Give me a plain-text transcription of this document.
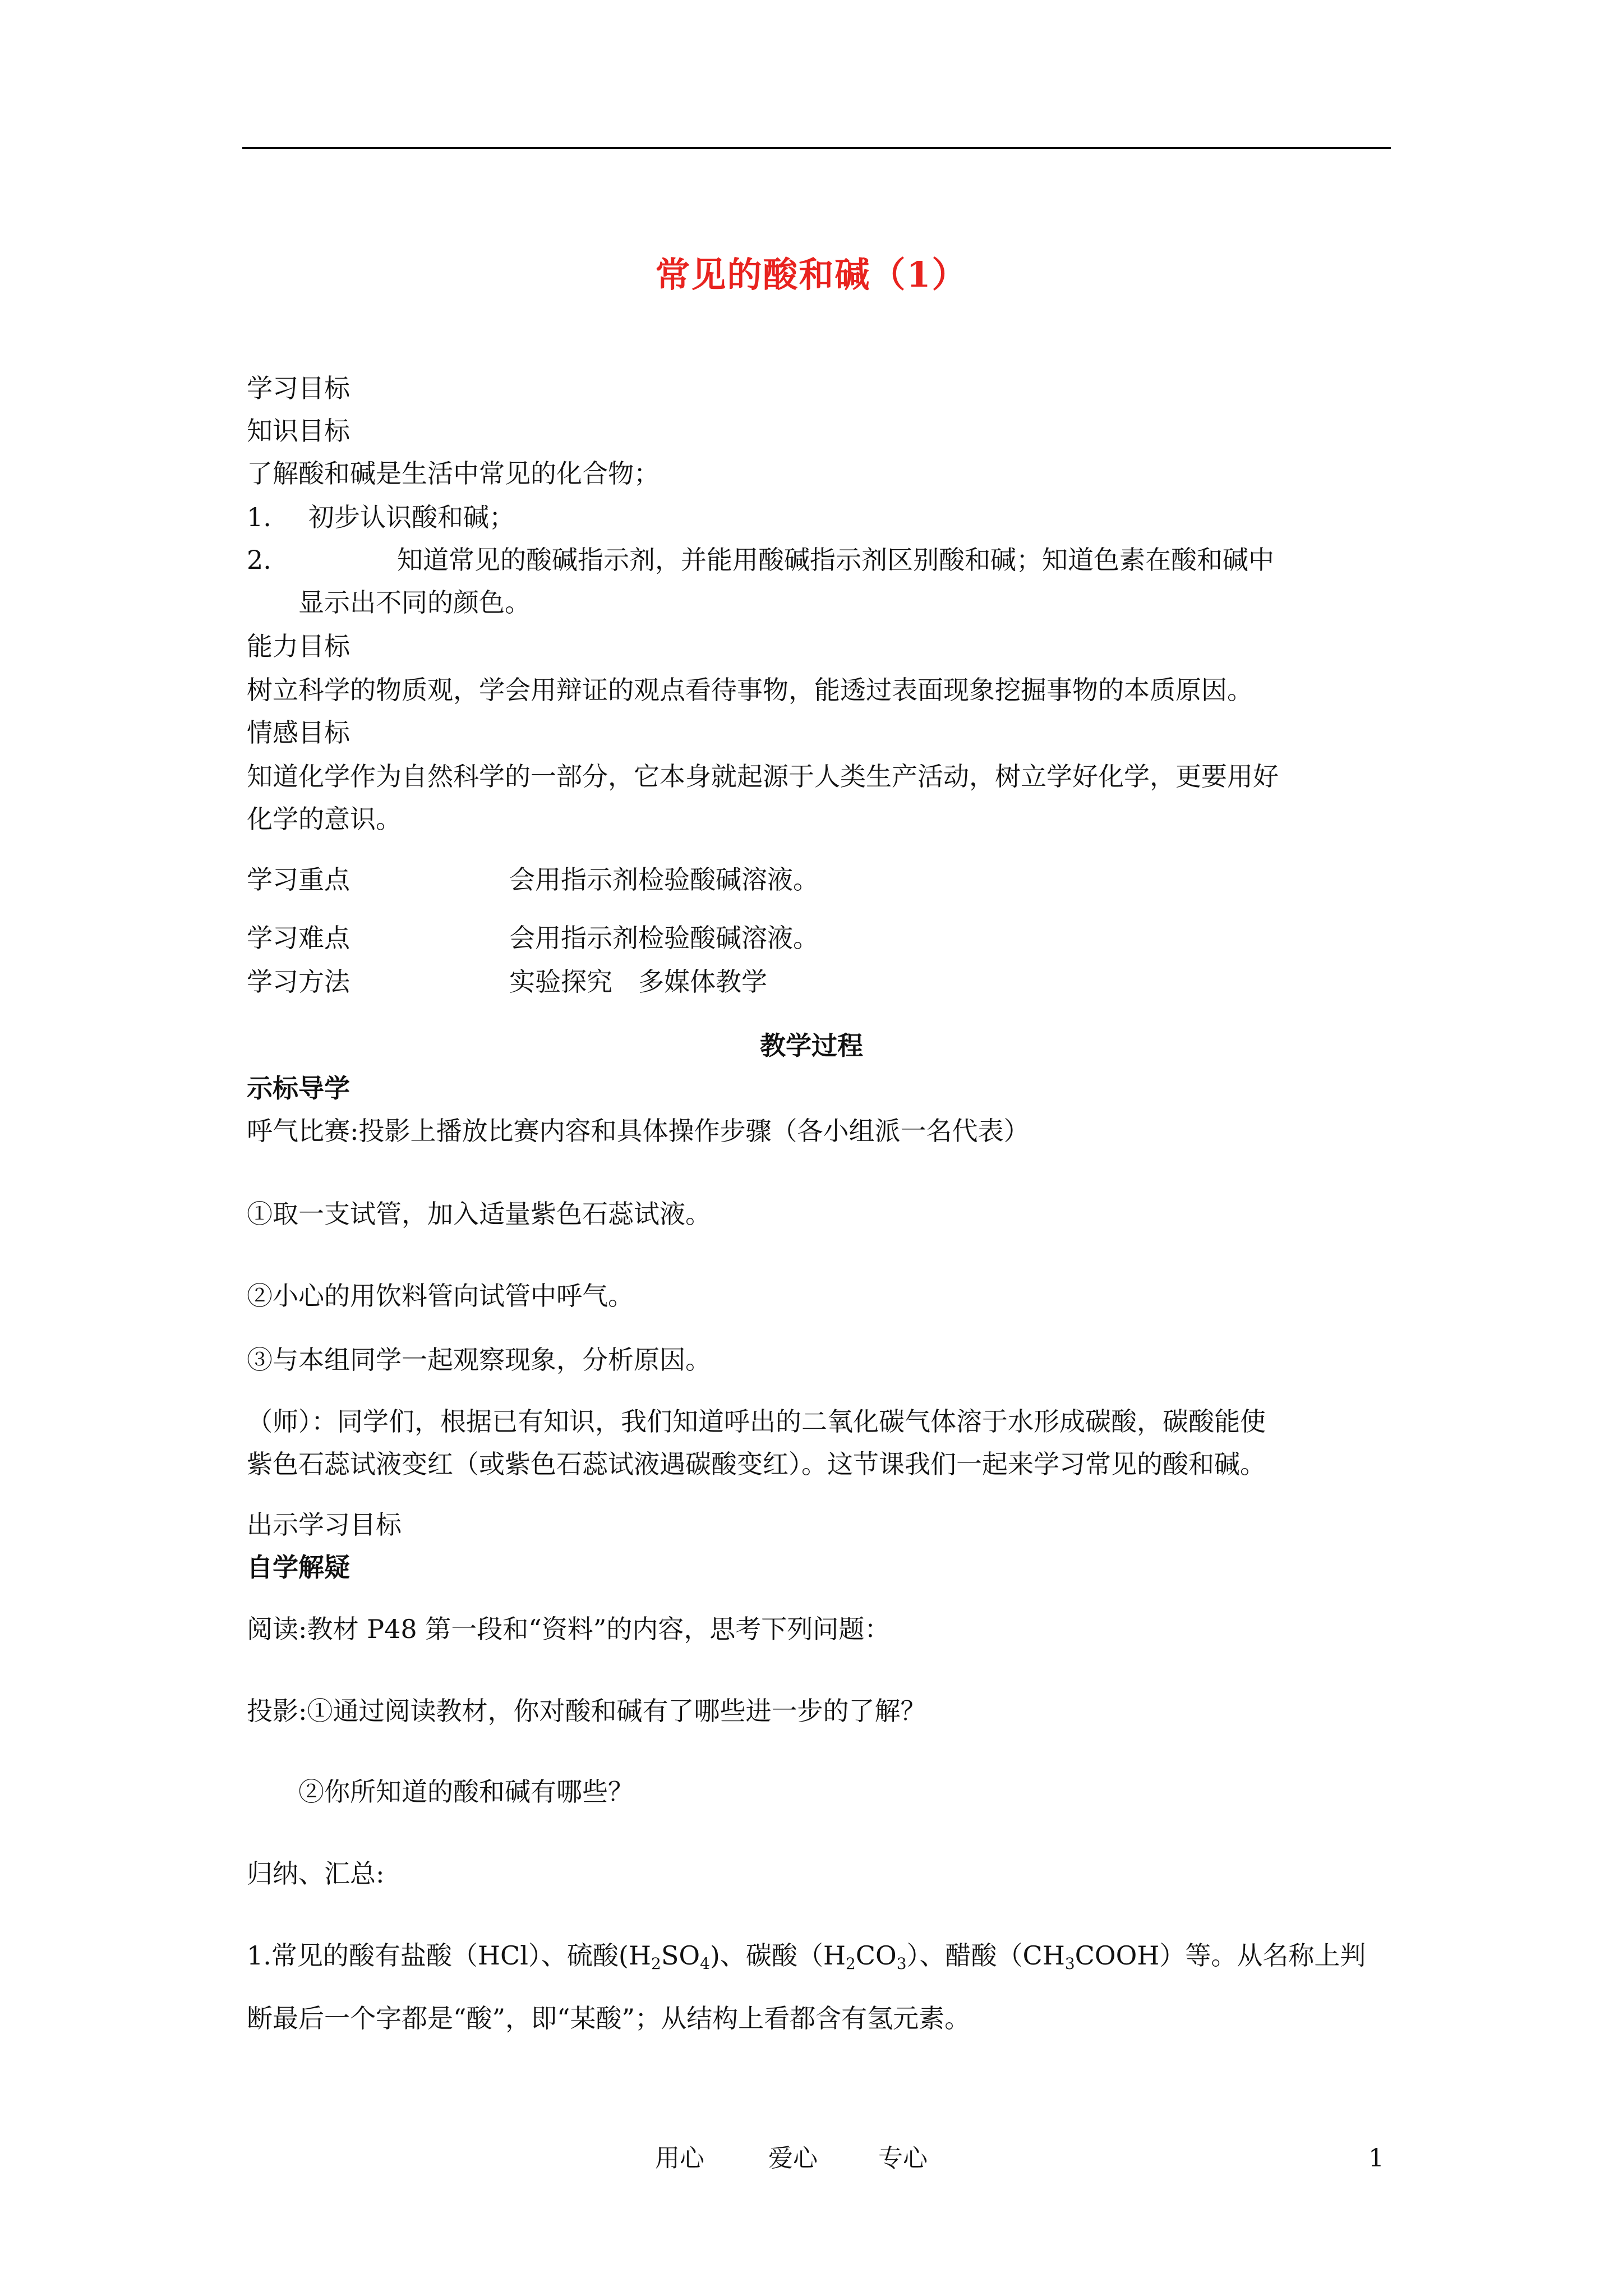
常见的酸和碱（1）
学习目标
知识目标
了解酸和碱是生活中常见的化合物；
1. 初步认识酸和碱；
2.	知道常见的酸碱指示剂，并能用酸碱指示剂区别酸和碱；知道色素在酸和碱中
显示出不同的颜色。
能力目标
树立科学的物质观，学会用辩证的观点看待事物，能透过表面现象挖掘事物的本质原因。
情感目标
知道化学作为自然科学的一部分，它本身就起源于人类生产活动，树立学好化学，更要用好
化学的意识。
学习重点	会用指示剂检验酸碱溶液。
学习难点	会用指示剂检验酸碱溶液。
学习方法	实验探究　多媒体教学
教学过程
示标导学
呼气比赛:投影上播放比赛内容和具体操作步骤（各小组派一名代表）
①取一支试管，加入适量紫色石蕊试液。
②小心的用饮料管向试管中呼气。
③与本组同学一起观察现象，分析原因。
（师）：同学们，根据已有知识，我们知道呼出的二氧化碳气体溶于水形成碳酸，碳酸能使
紫色石蕊试液变红（或紫色石蕊试液遇碳酸变红）。这节课我们一起来学习常见的酸和碱。
出示学习目标
自学解疑
阅读:教材 P48 第一段和“资料”的内容，思考下列问题：
投影:①通过阅读教材，你对酸和碱有了哪些进一步的了解？
②你所知道的酸和碱有哪些？
归纳、汇总:
1.常见的酸有盐酸（HCl）、硫酸$(H_2SO_4)$、碳酸$(H_2CO_3)$、醋酸$(CH_3COOH)$等。从名称上判
断最后一个字都是“酸”，即“某酸”；从结构上看都含有氢元素。
用心	爱心 专心	1
